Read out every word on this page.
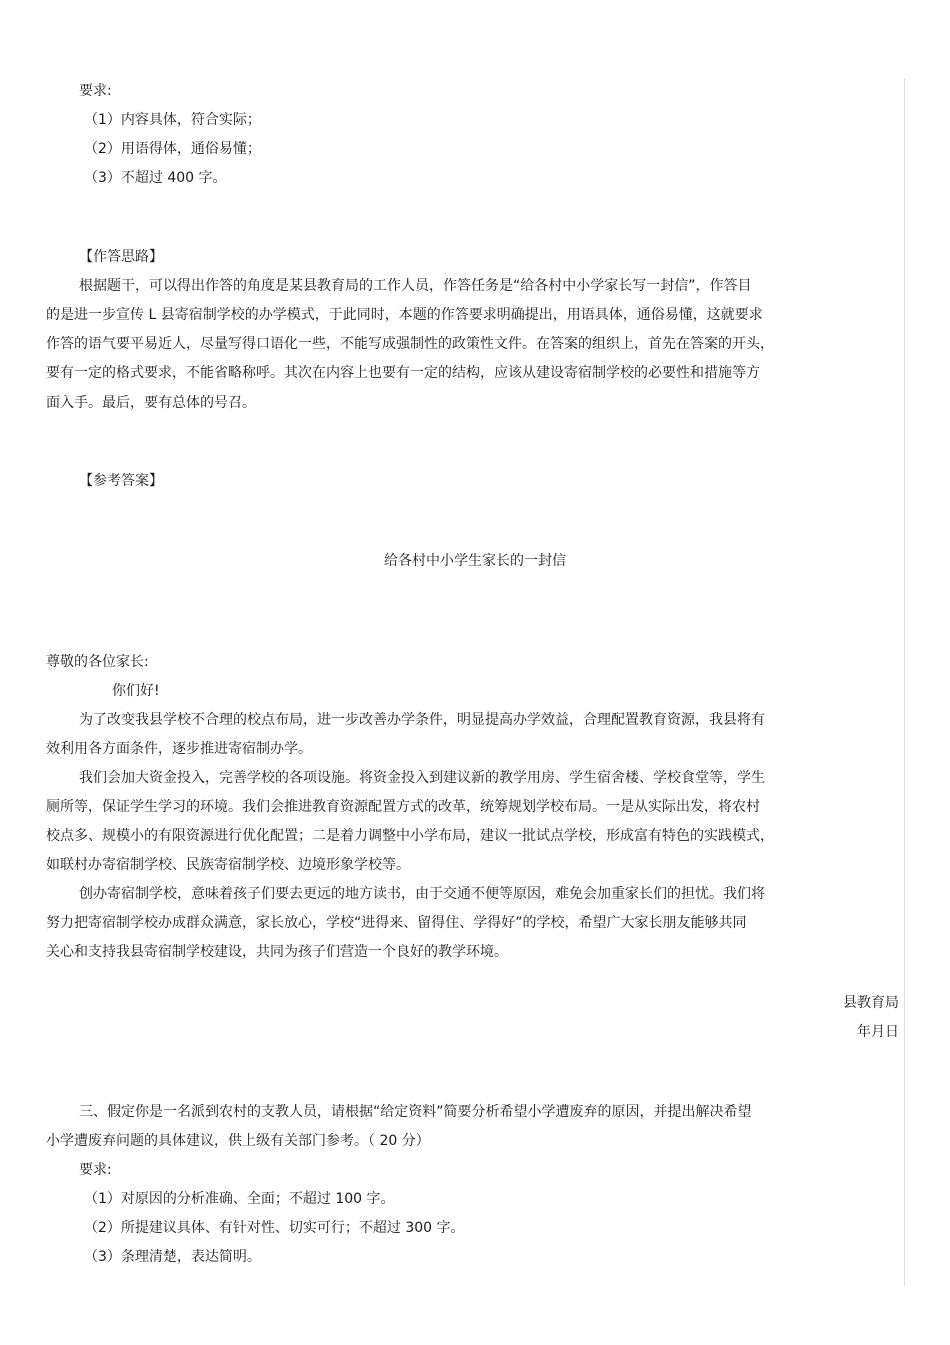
要求:
（1）内容具体，符合实际；
（2）用语得体，通俗易懂；
（3）不超过 400 字。
【作答思路】
根据题干，可以得出作答的角度是某县教育局的工作人员，作答任务是“给各村中小学家长写一封信”，作答目
的是进一步宣传 L 县寄宿制学校的办学模式，于此同时，本题的作答要求明确提出，用语具体，通俗易懂，这就要求
作答的语气要平易近人，尽量写得口语化一些，不能写成强制性的政策性文件。在答案的组织上，首先在答案的开头，
要有一定的格式要求，不能省略称呼。其次在内容上也要有一定的结构，应该从建设寄宿制学校的必要性和措施等方
面入手。最后，要有总体的号召。
【参考答案】
给各村中小学生家长的一封信
尊敬的各位家长:
你们好!
为了改变我县学校不合理的校点布局，进一步改善办学条件，明显提高办学效益，合理配置教育资源，我县将有
效利用各方面条件，逐步推进寄宿制办学。
我们会加大资金投入，完善学校的各项设施。将资金投入到建议新的教学用房、学生宿舍楼、学校食堂等，学生
厕所等，保证学生学习的环境。我们会推进教育资源配置方式的改革，统筹规划学校布局。一是从实际出发，将农村
校点多、规模小的有限资源进行优化配置；二是着力调整中小学布局，建议一批试点学校，形成富有特色的实践模式，
如联村办寄宿制学校、民族寄宿制学校、边境形象学校等。
创办寄宿制学校，意味着孩子们要去更远的地方读书，由于交通不便等原因，难免会加重家长们的担忧。我们将
努力把寄宿制学校办成群众满意，家长放心，学校“进得来、留得住、学得好”的学校，希望广大家长朋友能够共同
关心和支持我县寄宿制学校建设，共同为孩子们营造一个良好的教学环境。
县教育局
年月日
三、假定你是一名派到农村的支教人员，请根据“给定资料”简要分析希望小学遭废弃的原因，并提出解决希望
小学遭废弃问题的具体建议，供上级有关部门参考。（ 20 分）
要求:
（1）对原因的分析准确、全面；不超过 100 字。
（2）所提建议具体、有针对性、切实可行；不超过 300 字。
（3）条理清楚，表达简明。
